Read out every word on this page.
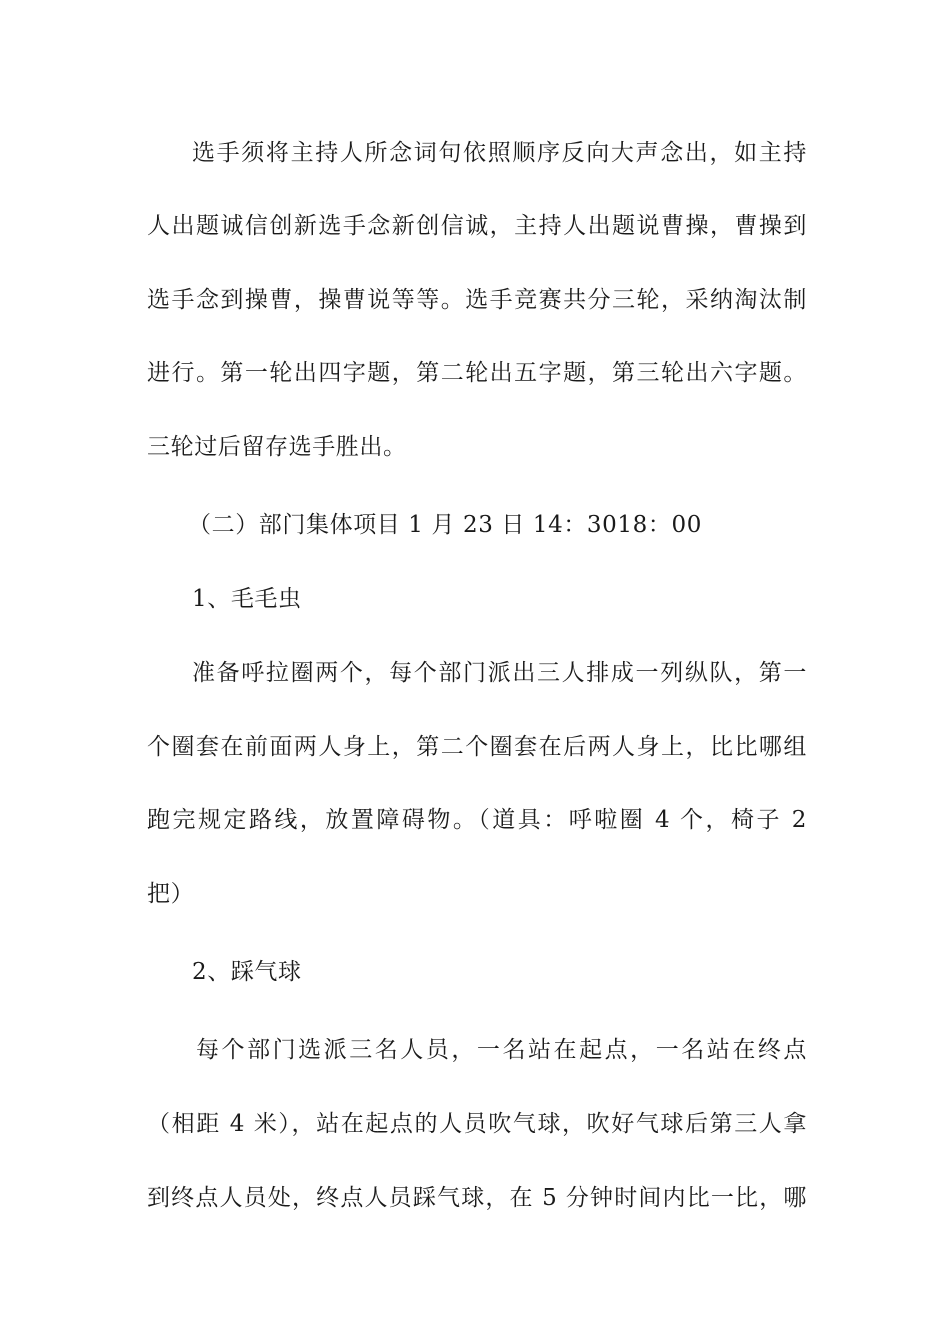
选手须将主持人所念词句依照顺序反向大声念出，如主持
人出题诚信创新选手念新创信诚，主持人出题说曹操，曹操到
选手念到操曹，操曹说等等。选手竞赛共分三轮，采纳淘汰制
进行。第一轮出四字题，第二轮出五字题，第三轮出六字题。
三轮过后留存选手胜出。
（二）部门集体项目 1 月 23 日 14：3018：00
1、毛毛虫
准备呼拉圈两个，每个部门派出三人排成一列纵队，第一
个圈套在前面两人身上，第二个圈套在后两人身上，比比哪组
跑完规定路线，放置障碍物。（道具：呼啦圈 4 个，椅子 2
把）
2、踩气球
每个部门选派三名人员，一名站在起点，一名站在终点
（相距 4 米），站在起点的人员吹气球，吹好气球后第三人拿
到终点人员处，终点人员踩气球，在 5 分钟时间内比一比，哪
